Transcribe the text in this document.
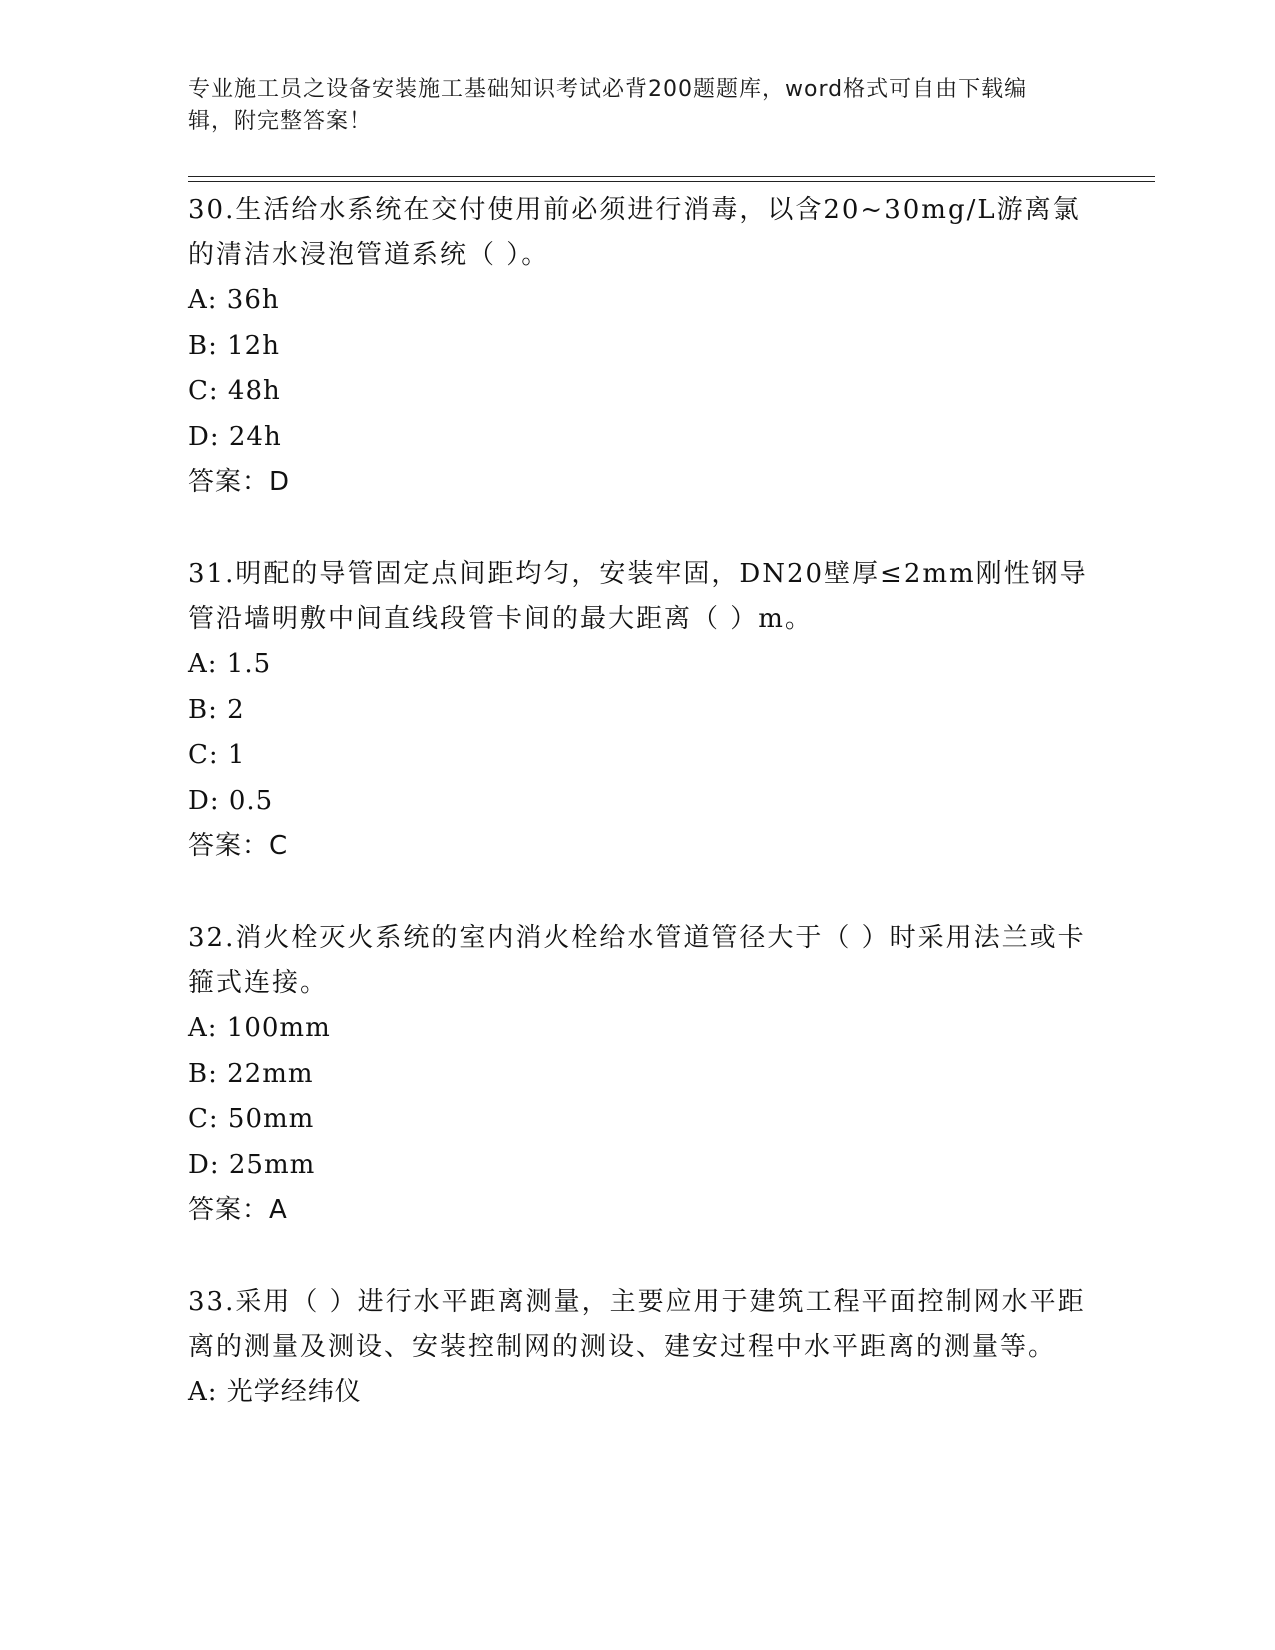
专业施工员之设备安装施工基础知识考试必背200题题库，word格式可自由下载编辑，附完整答案！

30.生活给水系统在交付使用前必须进行消毒，以含20~30mg/L游离氯的清洁水浸泡管道系统（ ）。

A: 36h

B: 12h

C: 48h

D: 24h

答案：D

31.明配的导管固定点间距均匀，安装牢固，DN20壁厚≤2mm刚性钢导管沿墙明敷中间直线段管卡间的最大距离（ ）m。

A: 1.5

B: 2

C: 1

D: 0.5

答案：C

32.消火栓灭火系统的室内消火栓给水管道管径大于（ ）时采用法兰或卡箍式连接。

A: 100mm

B: 22mm

C: 50mm

D: 25mm

答案：A

33.采用（ ）进行水平距离测量，主要应用于建筑工程平面控制网水平距离的测量及测设、安装控制网的测设、建安过程中水平距离的测量等。

A: 光学经纬仪
